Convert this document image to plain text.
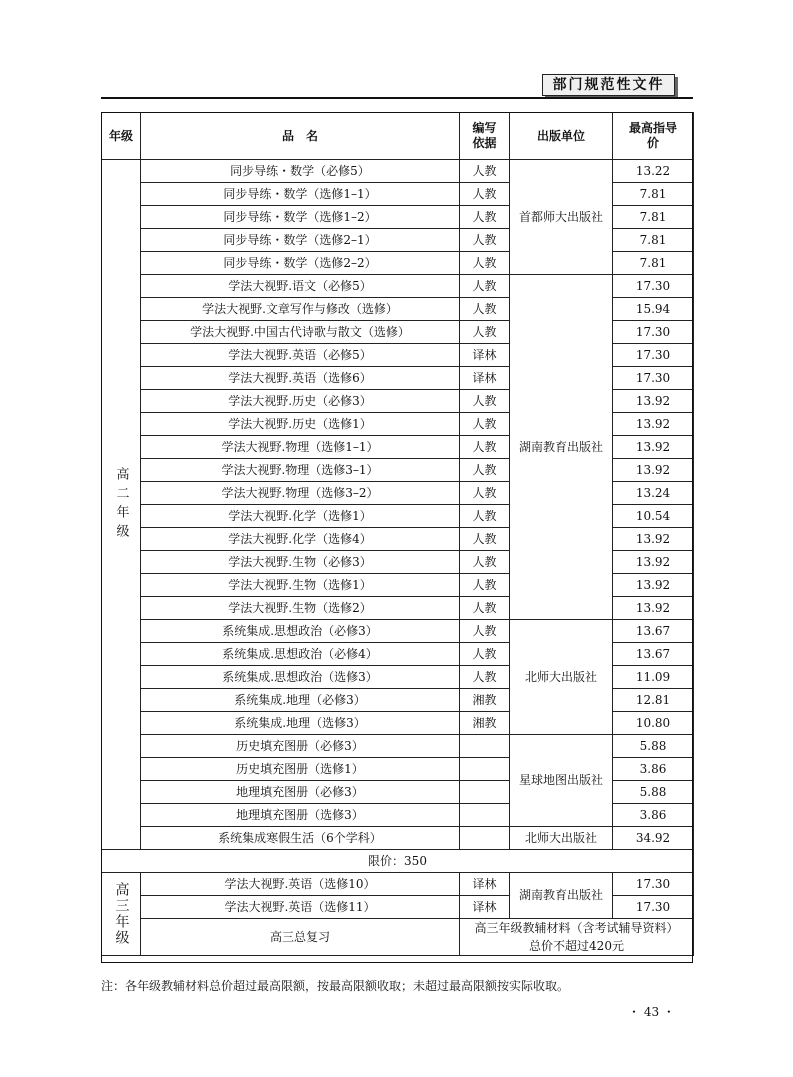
部门规范性文件
年级	品　名	编写依据	出版单位	最高指导价

高二年级	同步导练・数学（必修5）	人教	首都师大出版社	13.22
	同步导练・数学（选修1–1）	人教		7.81
	同步导练・数学（选修1–2）	人教		7.81
	同步导练・数学（选修2–1）	人教		7.81
	同步导练・数学（选修2–2）	人教		7.81
	学法大视野.语文（必修5）	人教	湖南教育出版社	17.30
	学法大视野.文章写作与修改（选修）	人教		15.94
	学法大视野.中国古代诗歌与散文（选修）	人教		17.30
	学法大视野.英语（必修5）	译林		17.30
	学法大视野.英语（选修6）	译林		17.30
	学法大视野.历史（必修3）	人教		13.92
	学法大视野.历史（选修1）	人教		13.92
	学法大视野.物理（选修1–1）	人教		13.92
	学法大视野.物理（选修3–1）	人教		13.92
	学法大视野.物理（选修3–2）	人教		13.24
	学法大视野.化学（选修1）	人教		10.54
	学法大视野.化学（选修4）	人教		13.92
	学法大视野.生物（必修3）	人教		13.92
	学法大视野.生物（选修1）	人教		13.92
	学法大视野.生物（选修2）	人教		13.92
	系统集成.思想政治（必修3）	人教	北师大出版社	13.67
	系统集成.思想政治（必修4）	人教		13.67
	系统集成.思想政治（选修3）	人教		11.09
	系统集成.地理（必修3）	湘教		12.81
	系统集成.地理（选修3）	湘教		10.80
	历史填充图册（必修3）		星球地图出版社	5.88
	历史填充图册（选修1）			3.86
	地理填充图册（必修3）			5.88
	地理填充图册（选修3）			3.86
	系统集成寒假生活（6个学科）		北师大出版社	34.92
限价：350				

高三年级	学法大视野.英语（选修10）	译林	湖南教育出版社	17.30
	学法大视野.英语（选修11）	译林		17.30
	高三总复习	高三年级教辅材料（含考试辅导资料）总价不超过420元		
注：各年级教辅材料总价超过最高限额，按最高限额收取；未超过最高限额按实际收取。
・ 43 ・
